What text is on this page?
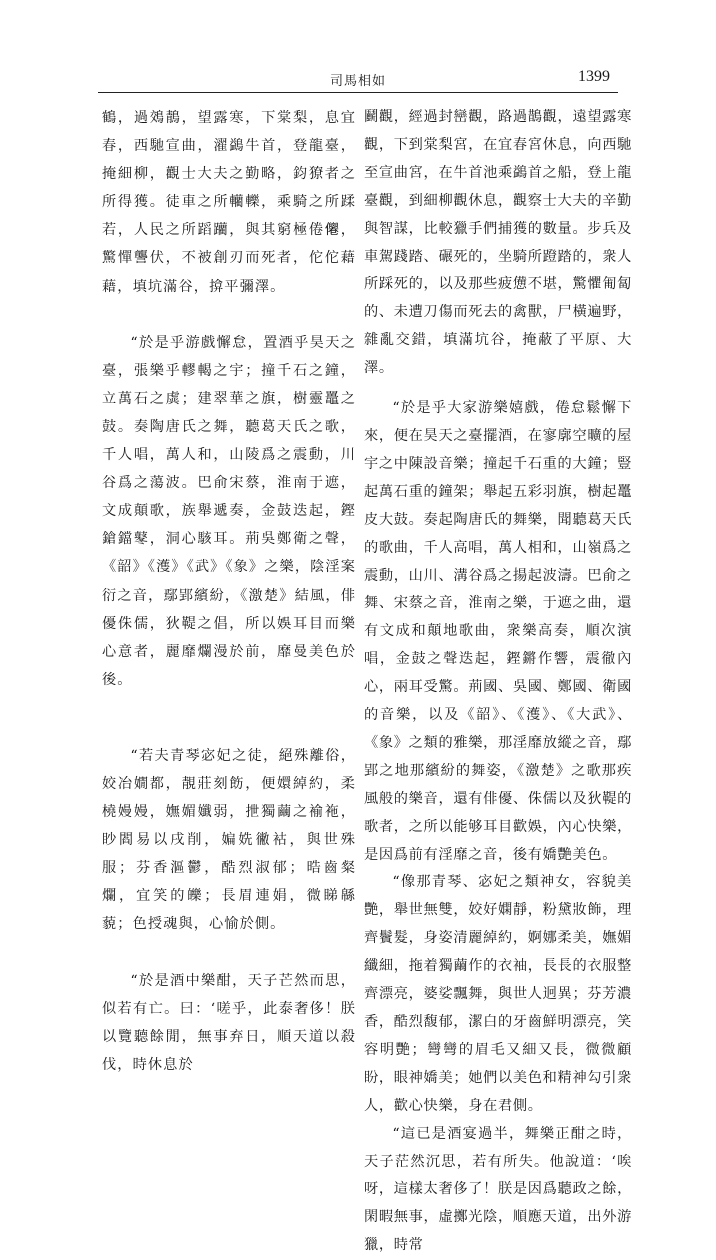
司馬相如	1399

鶴，過鵁鶄，望露寒，下棠梨，息宜春，西馳宣曲，濯鷁牛首，登龍臺，掩細柳，觀士大夫之勤略，鈞獠者之所得獲。徒車之所轥轢，乘騎之所蹂若，人民之所蹈躪，與其窮極倦𠑗，驚憚讋伏，不被創刃而死者，佗佗藉藉，填坑滿谷，揜平彌澤。

“於是乎游戲懈怠，置酒乎昊天之臺，張樂乎轇輵之宇；撞千石之鐘，立萬石之虡；建翠華之旗，樹靈鼉之鼓。奏陶唐氏之舞，聽葛天氏之歌，千人唱，萬人和，山陵爲之震動，川谷爲之蕩波。巴俞宋蔡，淮南于遮，文成顛歌，族舉遞奏，金鼓迭起，鏗鎗鐺鼕，洞心駭耳。荊吳鄭衛之聲，《韶》《濩》《武》《象》之樂，陰淫案衍之音，鄢郢繽紛，《激楚》結風，俳優侏儒，狄鞮之倡，所以娛耳目而樂心意者，麗靡爛漫於前，靡曼美色於後。

“若夫青琴宓妃之徒，絕殊離俗，姣冶嫺都，靚莊刻飭，便嬛綽約，柔橈嫚嫚，嫵媚孅弱，抴獨繭之褕袘，眇閻易以戌削，媥姺徶𧙖，與世殊服；芬香漚鬱，酷烈淑郁；晧齒粲爛，宜笑的皪；長眉連娟，微睇緜藐；色授魂與，心愉於側。

“於是酒中樂酣，天子芒然而思，似若有亡。曰：‘嗟乎，此泰奢侈！朕以覽聽餘閒，無事弃日，順天道以殺伐，時休息於

鬬觀，經過封巒觀，路過鵲觀，遠望露寒觀，下到棠梨宮，在宜春宮休息，向西馳至宣曲宮，在牛首池乘鷁首之船，登上龍臺觀，到細柳觀休息，觀察士大夫的辛勤與智謀，比較獵手們捕獲的數量。步兵及車駕踐踏、碾死的，坐騎所蹬踏的，衆人所踩死的，以及那些疲憊不堪，驚懼匍匐的、未遭刀傷而死去的禽獸，尸橫遍野，雜亂交錯，填滿坑谷，掩蔽了平原、大澤。

“於是乎大家游樂嬉戲，倦怠鬆懈下來，便在昊天之臺擺酒，在寥廓空曠的屋宇之中陳設音樂；撞起千石重的大鐘；豎起萬石重的鐘架；舉起五彩羽旗，樹起鼉皮大鼓。奏起陶唐氏的舞樂，聞聽葛天氏的歌曲，千人高唱，萬人相和，山嶺爲之震動，山川、溝谷爲之揚起波濤。巴俞之舞、宋蔡之音，淮南之樂，于遮之曲，還有文成和顛地歌曲，衆樂高奏，順次演唱，金鼓之聲迭起，鏗鏘作響，震徹內心，兩耳受驚。荊國、吳國、鄭國、衛國的音樂，以及《韶》、《濩》、《大武》、《象》之類的雅樂，那淫靡放縱之音，鄢郢之地那繽紛的舞姿，《激楚》之歌那疾風般的樂音，還有俳優、侏儒以及狄鞮的歌者，之所以能够耳目歡娛，內心快樂，是因爲前有淫靡之音，後有嬌艷美色。

“像那青琴、宓妃之類神女，容貌美艷，舉世無雙，姣好嫻靜，粉黛妝飾，理齊鬢髮，身姿清麗綽約，婀娜柔美，嫵媚纖細，拖着獨繭作的衣袖，長長的衣服整齊漂亮，婆娑飄舞，與世人迥異；芬芳濃香，酷烈馥郁，潔白的牙齒鮮明漂亮，笑容明艷；彎彎的眉毛又細又長，微微顧盼，眼神嬌美；她們以美色和精神勾引衆人，歡心快樂，身在君側。

“這已是酒宴過半，舞樂正酣之時，天子茫然沉思，若有所失。他說道：‘唉呀，這樣太奢侈了！朕是因爲聽政之餘，閑暇無事，虛擲光陰，順應天道，出外游獵，時常
